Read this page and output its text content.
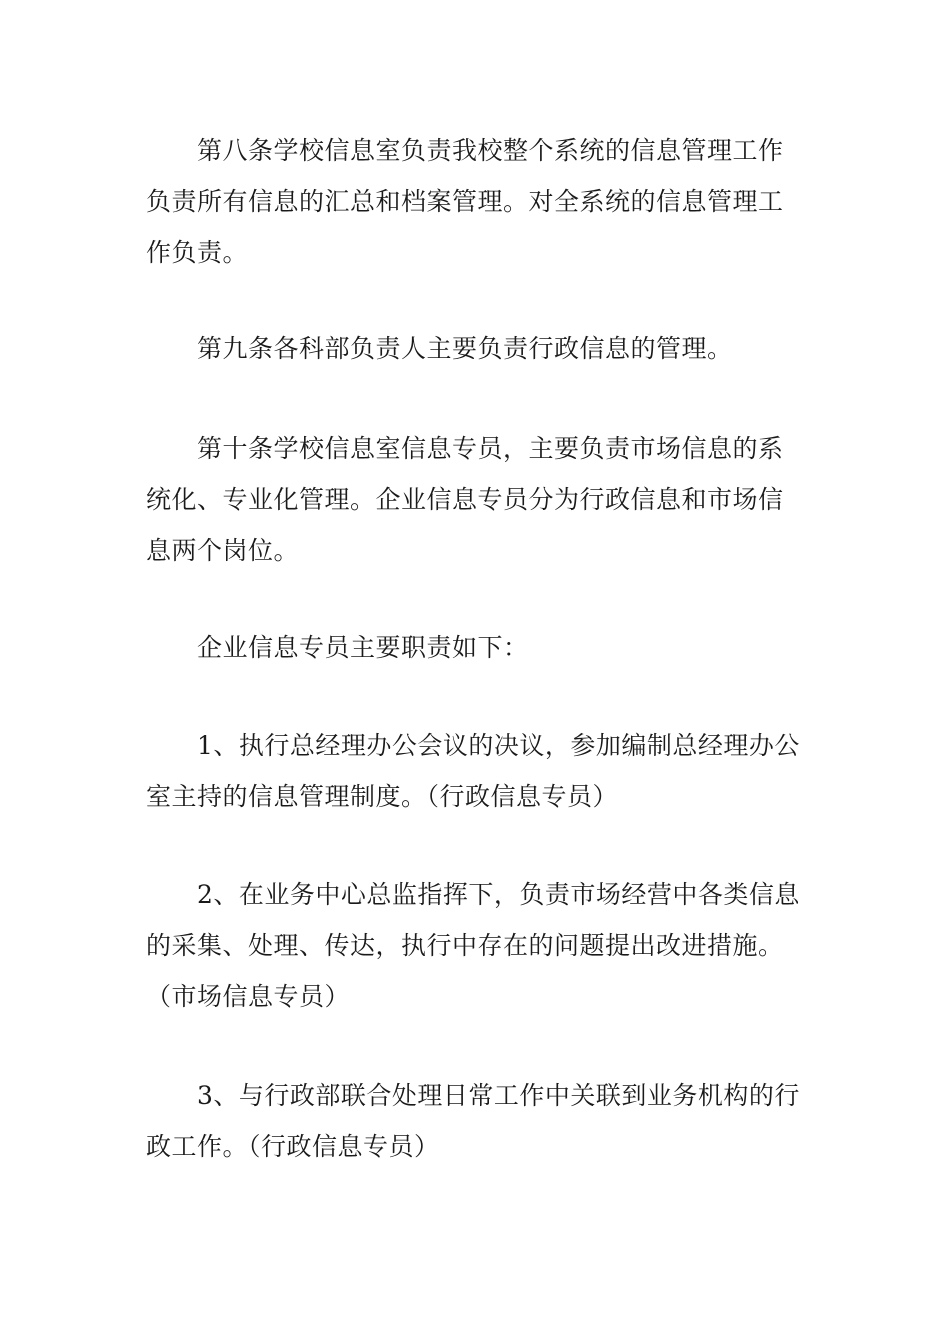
第八条学校信息室负责我校整个系统的信息管理工作
负责所有信息的汇总和档案管理。对全系统的信息管理工
作负责。

第九条各科部负责人主要负责行政信息的管理。

第十条学校信息室信息专员，主要负责市场信息的系
统化、专业化管理。企业信息专员分为行政信息和市场信
息两个岗位。

企业信息专员主要职责如下：

1、执行总经理办公会议的决议，参加编制总经理办公
室主持的信息管理制度。（行政信息专员）

2、在业务中心总监指挥下，负责市场经营中各类信息
的采集、处理、传达，执行中存在的问题提出改进措施。
（市场信息专员）

3、与行政部联合处理日常工作中关联到业务机构的行
政工作。（行政信息专员）
